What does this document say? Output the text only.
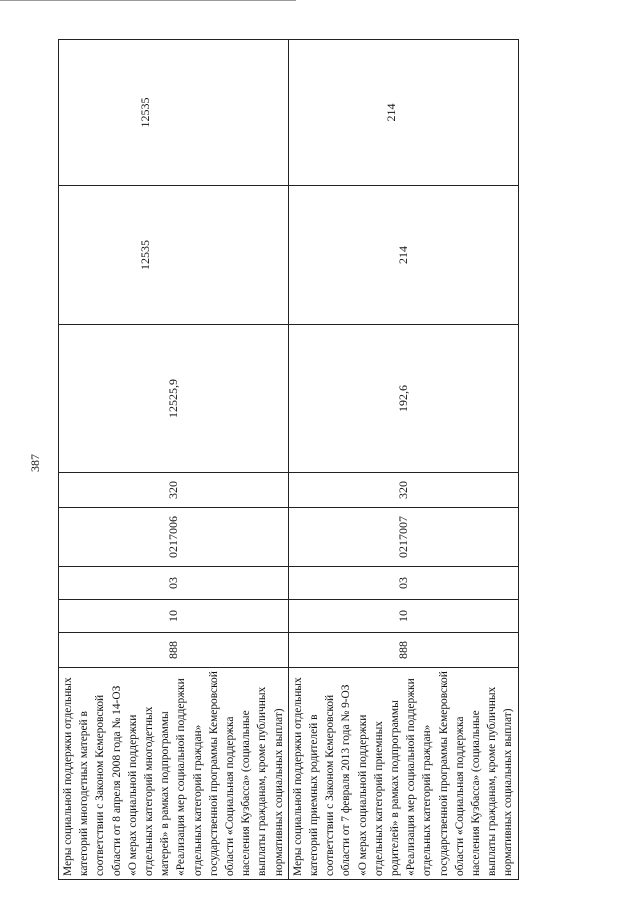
387
Меры социальной поддержки отдельных категорий многодетных матерей в соответствии с Законом Кемеровской области от 8 апреля 2008 года № 14-ОЗ «О мерах социальной поддержки отдельных категорий многодетных матерей» в рамках подпрограммы «Реализация мер социальной поддержки отдельных категорий граждан» государственной программы Кемеровской области «Социальная поддержка населения Кузбасса» (социальные выплаты гражданам, кроме публичных нормативных социальных выплат)	888	10	03	0217006	320	12525,9	12535	12535

Меры социальной поддержки отдельных категорий приемных родителей в соответствии с Законом Кемеровской области от 7 февраля 2013 года № 9-ОЗ «О мерах социальной поддержки отдельных категорий приемных родителей» в рамках подпрограммы «Реализация мер социальной поддержки отдельных категорий граждан» государственной программы Кемеровской области «Социальная поддержка населения Кузбасса» (социальные выплаты гражданам, кроме публичных нормативных социальных выплат)	888	10	03	0217007	320	192,6	214	214
